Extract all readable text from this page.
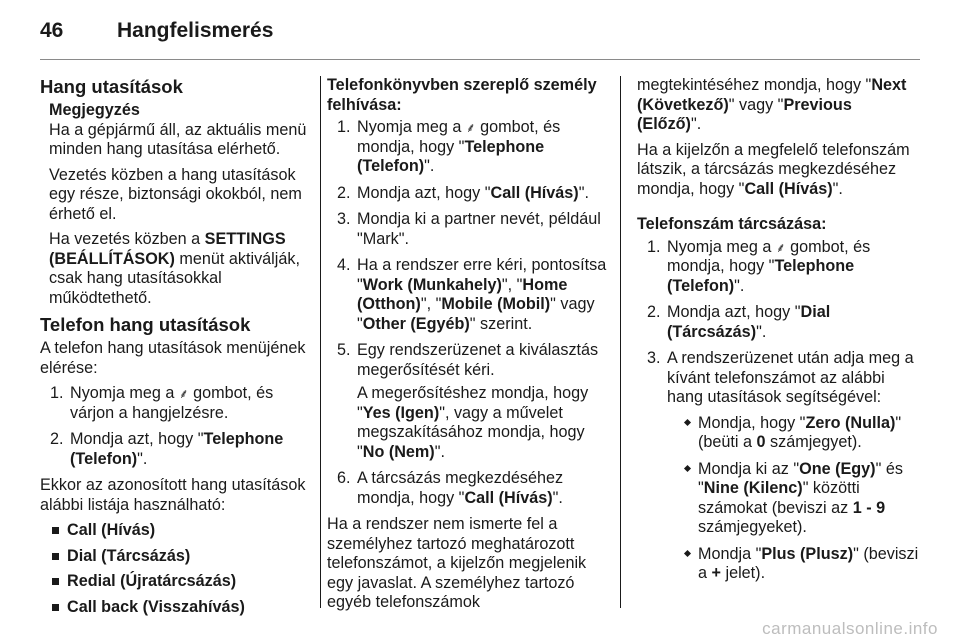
46	Hangfelismerés
Hang utasítások
Megjegyzés

Ha a gépjármű áll, az aktuális menü minden hang utasítása elérhető.

Vezetés közben a hang utasítások egy része, biztonsági okokból, nem érhető el.

Ha vezetés közben a SETTINGS (BEÁLLÍTÁSOK) menüt aktiválják, csak hang utasításokkal működtethető.

Telefon hang utasítások

A telefon hang utasítások menüjének elérése:

1. Nyomja meg a ⸙ gombot, és várjon a hangjelzésre.
2. Mondja azt, hogy "Telephone (Telefon)".

Ekkor az azonosított hang utasítások alábbi listája használható:

Call (Hívás)
Dial (Tárcsázás)
Redial (Újratárcsázás)
Call back (Visszahívás)
Telefonkönyvben szereplő személy felhívása:
1. Nyomja meg a ⸙ gombot, és mondja, hogy "Telephone (Telefon)".
2. Mondja azt, hogy "Call (Hívás)".
3. Mondja ki a partner nevét, például "Mark".
4. Ha a rendszer erre kéri, pontosítsa "Work (Munkahely)", "Home (Otthon)", "Mobile (Mobil)" vagy "Other (Egyéb)" szerint.
5. Egy rendszerüzenet a kiválasztás megerősítését kéri.

A megerősítéshez mondja, hogy "Yes (Igen)", vagy a művelet megszakításához mondja, hogy "No (Nem)".

6. A tárcsázás megkezdéséhez mondja, hogy "Call (Hívás)".

Ha a rendszer nem ismerte fel a személyhez tartozó meghatározott telefonszámot, a kijelzőn megjelenik egy javaslat. A személyhez tartozó egyéb telefonszámok

megtekintéséhez mondja, hogy "Next (Következő)" vagy "Previous (Előző)".

Ha a kijelzőn a megfelelő telefonszám látszik, a tárcsázás megkezdéséhez mondja, hogy "Call (Hívás)".

Telefonszám tárcsázása:
1. Nyomja meg a ⸙ gombot, és mondja, hogy "Telephone (Telefon)".
2. Mondja azt, hogy "Dial (Tárcsázás)".
3. A rendszerüzenet után adja meg a kívánt telefonszámot az alábbi hang utasítások segítségével:
Mondja, hogy "Zero (Nulla)" (beüti a 0 számjegyet).
Mondja ki az "One (Egy)" és "Nine (Kilenc)" közötti számokat (beviszi az 1 - 9 számjegyeket).
Mondja "Plus (Plusz)" (beviszi a + jelet).
carmanualsonline.info
